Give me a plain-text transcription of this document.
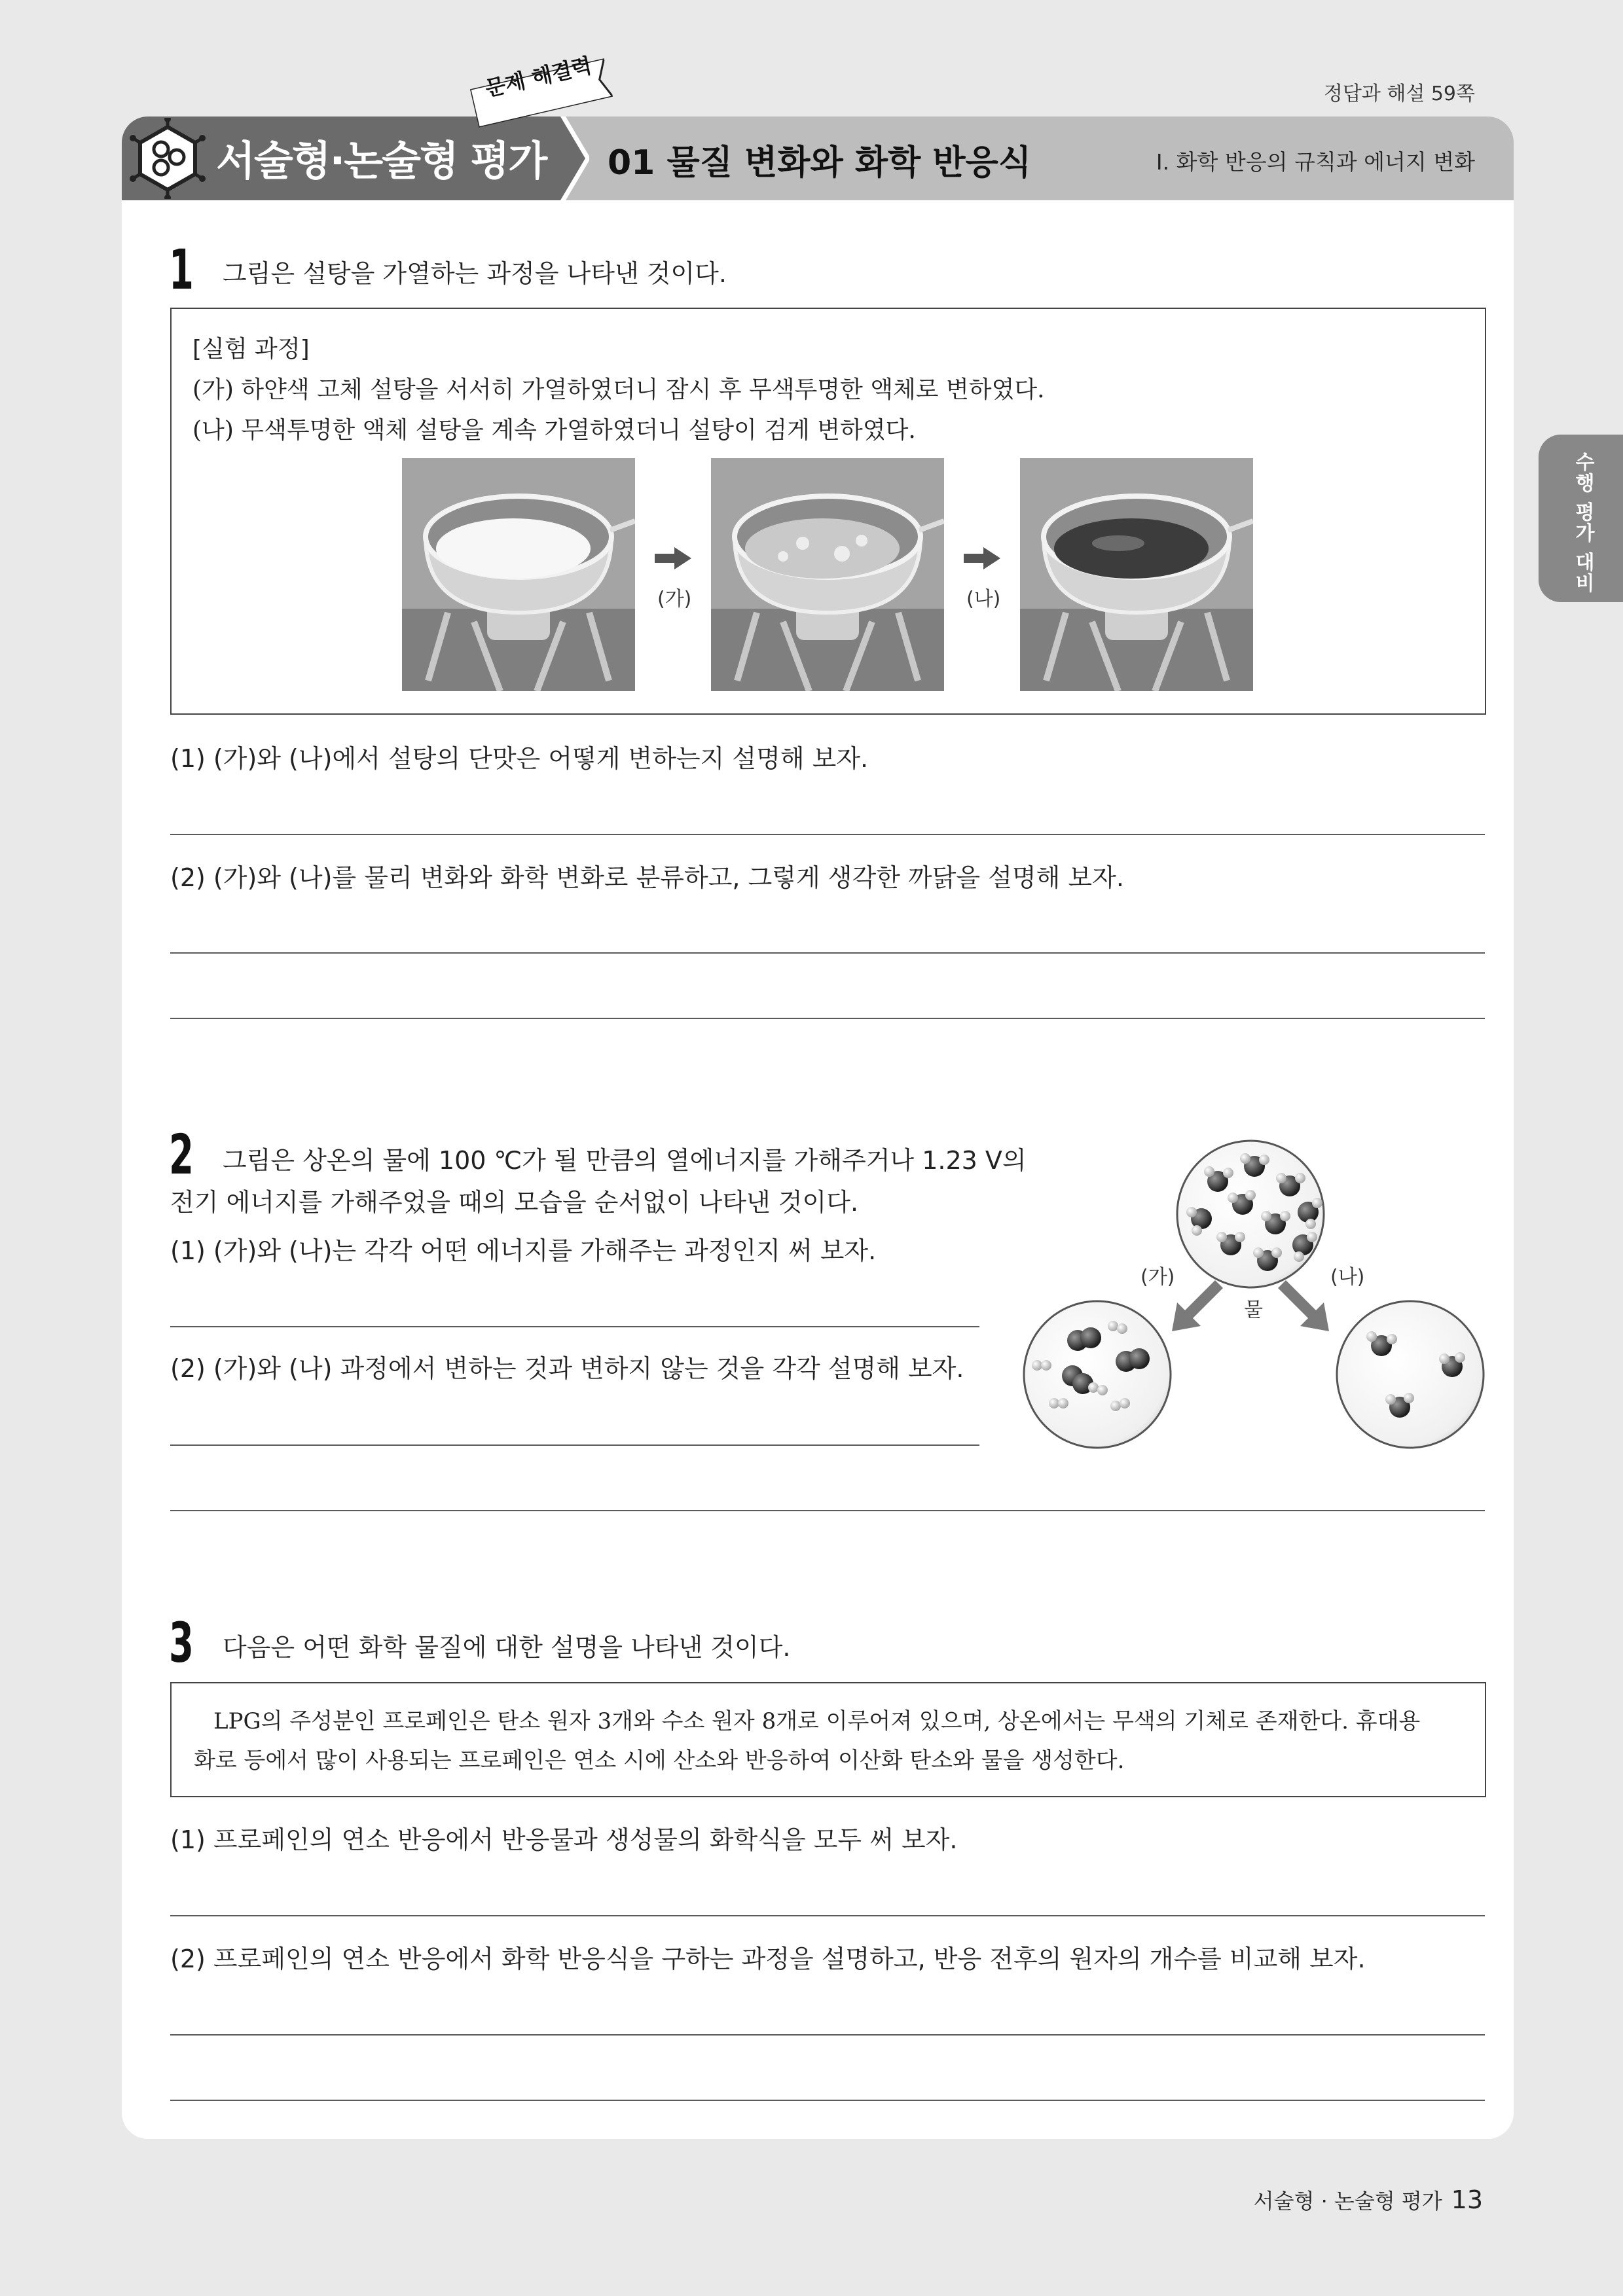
정답과 해설 59쪽
서술형·논술형 평가
문제 해결력
01 물질 변화와 화학 반응식	Ⅰ. 화학 반응의 규칙과 에너지 변화
수행 평가 대비
1 그림은 설탕을 가열하는 과정을 나타낸 것이다.
[실험 과정]
(가) 하얀색 고체 설탕을 서서히 가열하였더니 잠시 후 무색투명한 액체로 변하였다.
(나) 무색투명한 액체 설탕을 계속 가열하였더니 설탕이 검게 변하였다.
(가)	(나)
(1) (가)와 (나)에서 설탕의 단맛은 어떻게 변하는지 설명해 보자.
(2) (가)와 (나)를 물리 변화와 화학 변화로 분류하고, 그렇게 생각한 까닭을 설명해 보자.
2 그림은 상온의 물에 100 ℃가 될 만큼의 열에너지를 가해주거나 1.23 V의
전기 에너지를 가해주었을 때의 모습을 순서없이 나타낸 것이다.
(1) (가)와 (나)는 각각 어떤 에너지를 가해주는 과정인지 써 보자.
(2) (가)와 (나) 과정에서 변하는 것과 변하지 않는 것을 각각 설명해 보자.
(가)	(나)
물
3 다음은 어떤 화학 물질에 대한 설명을 나타낸 것이다.
LPG의 주성분인 프로페인은 탄소 원자 3개와 수소 원자 8개로 이루어져 있으며, 상온에서는 무색의 기체로 존재한다. 휴대용
화로 등에서 많이 사용되는 프로페인은 연소 시에 산소와 반응하여 이산화 탄소와 물을 생성한다.
(1) 프로페인의 연소 반응에서 반응물과 생성물의 화학식을 모두 써 보자.
(2) 프로페인의 연소 반응에서 화학 반응식을 구하는 과정을 설명하고, 반응 전후의 원자의 개수를 비교해 보자.
서술형 · 논술형 평가 13
